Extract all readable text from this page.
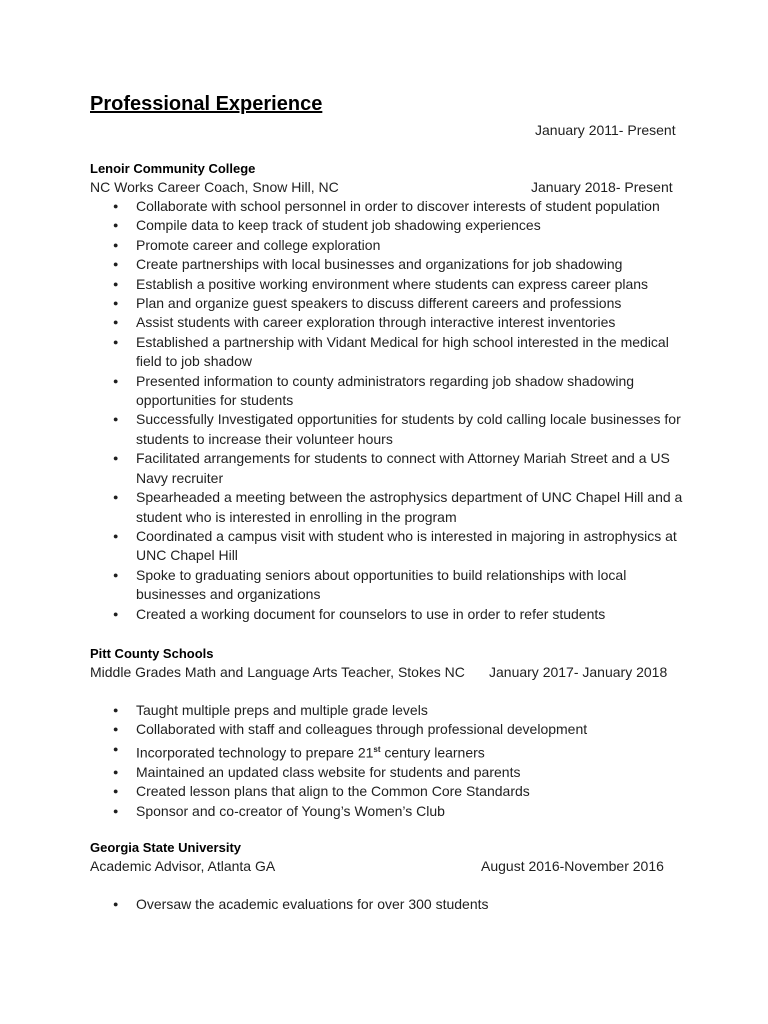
Professional Experience
January 2011- Present
Lenoir Community College
NC Works Career Coach, Snow Hill, NC	January 2018- Present
● Collaborate with school personnel in order to discover interests of student population
● Compile data to keep track of student job shadowing experiences
● Promote career and college exploration
● Create partnerships with local businesses and organizations for job shadowing
● Establish a positive working environment where students can express career plans
● Plan and organize guest speakers to discuss different careers and professions
● Assist students with career exploration through interactive interest inventories
● Established a partnership with Vidant Medical for high school interested in the medical field to job shadow
● Presented information to county administrators regarding job shadow shadowing opportunities for students
● Successfully Investigated opportunities for students by cold calling locale businesses for students to increase their volunteer hours
● Facilitated arrangements for students to connect with Attorney Mariah Street and a US Navy recruiter
● Spearheaded a meeting between the astrophysics department of UNC Chapel Hill and a student who is interested in enrolling in the program
● Coordinated a campus visit with student who is interested in majoring in astrophysics at UNC Chapel Hill
● Spoke to graduating seniors about opportunities to build relationships with local businesses and organizations
● Created a working document for counselors to use in order to refer students
Pitt County Schools
Middle Grades Math and Language Arts Teacher, Stokes NC January 2017- January 2018
● Taught multiple preps and multiple grade levels
● Collaborated with staff and colleagues through professional development
● Incorporated technology to prepare 21st century learners
● Maintained an updated class website for students and parents
● Created lesson plans that align to the Common Core Standards
● Sponsor and co-creator of Young’s Women’s Club
Georgia State University
Academic Advisor, Atlanta GA	August 2016-November 2016
● Oversaw the academic evaluations for over 300 students
